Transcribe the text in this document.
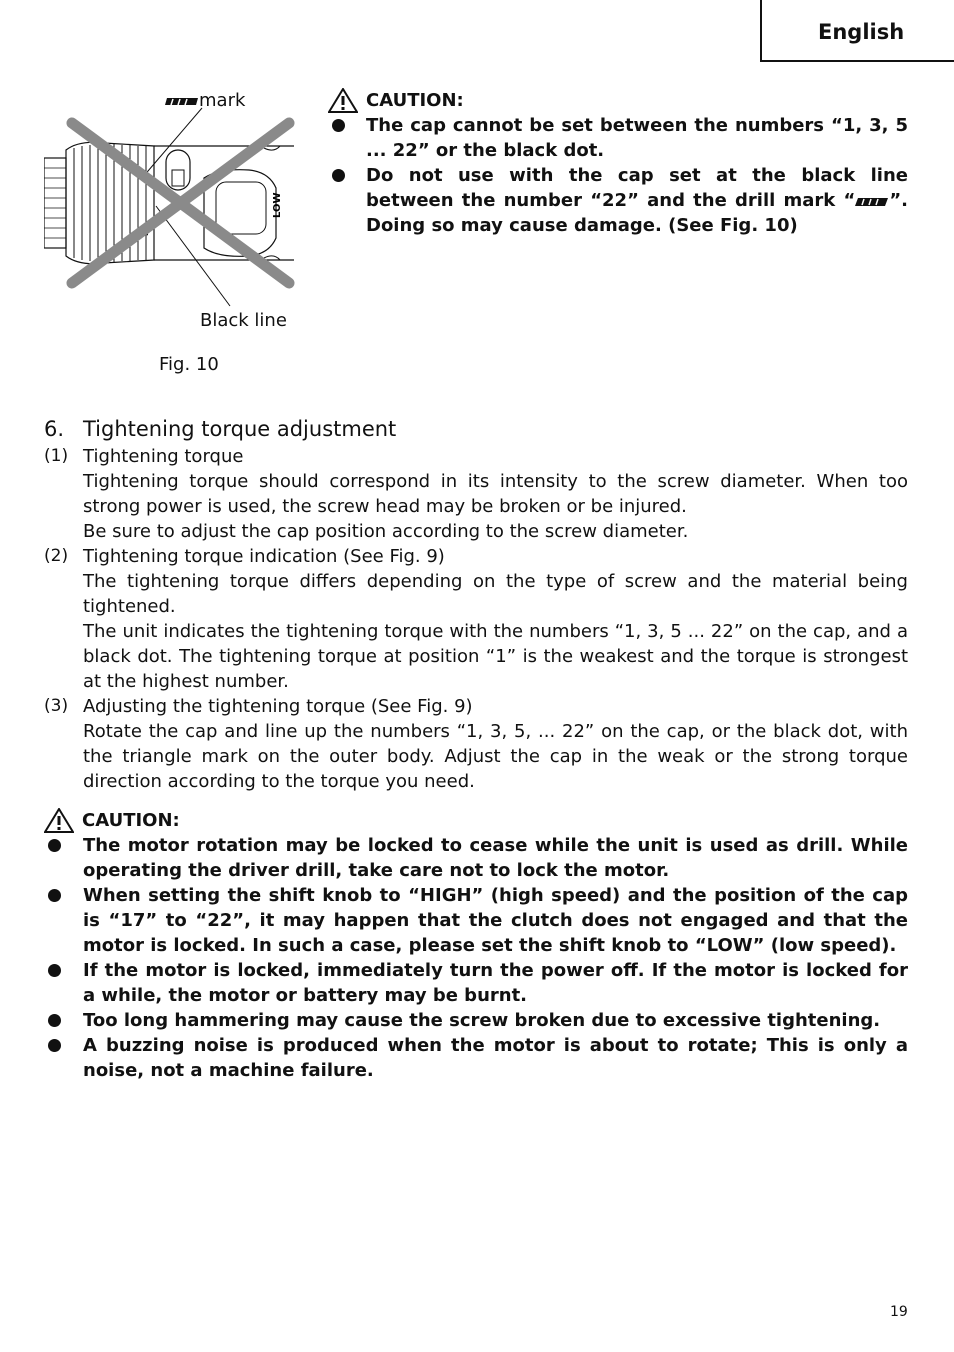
English
LOW
mark
Black line
Fig. 10
CAUTION:
The cap cannot be set between the numbers “1, 3, 5 ... 22” or the black dot.
Do not use with the cap set at the black line between the number “22” and the drill mark “ ”. Doing so may cause damage. (See Fig. 10)
6. Tightening torque adjustment
(1) Tightening torque
Tightening torque should correspond in its intensity to the screw diameter. When too strong power is used, the screw head may be broken or be injured.
Be sure to adjust the cap position according to the screw diameter.
(2) Tightening torque indication (See Fig. 9)
The tightening torque differs depending on the type of screw and the material being tightened.
The unit indicates the tightening torque with the numbers “1, 3, 5 ... 22” on the cap, and a black dot. The tightening torque at position “1” is the weakest and the torque is strongest at the highest number.
(3) Adjusting the tightening torque (See Fig. 9)
Rotate the cap and line up the numbers “1, 3, 5, ... 22” on the cap, or the black dot, with the triangle mark on the outer body. Adjust the cap in the weak or the strong torque direction according to the torque you need.
CAUTION:
The motor rotation may be locked to cease while the unit is used as drill. While operating the driver drill, take care not to lock the motor.
When setting the shift knob to “HIGH” (high speed) and the position of the cap is “17” to “22”, it may happen that the clutch does not engaged and that the motor is locked. In such a case, please set the shift knob to “LOW” (low speed).
If the motor is locked, immediately turn the power off. If the motor is locked for a while, the motor or battery may be burnt.
Too long hammering may cause the screw broken due to excessive tightening.
A buzzing noise is produced when the motor is about to rotate; This is only a noise, not a machine failure.
19
